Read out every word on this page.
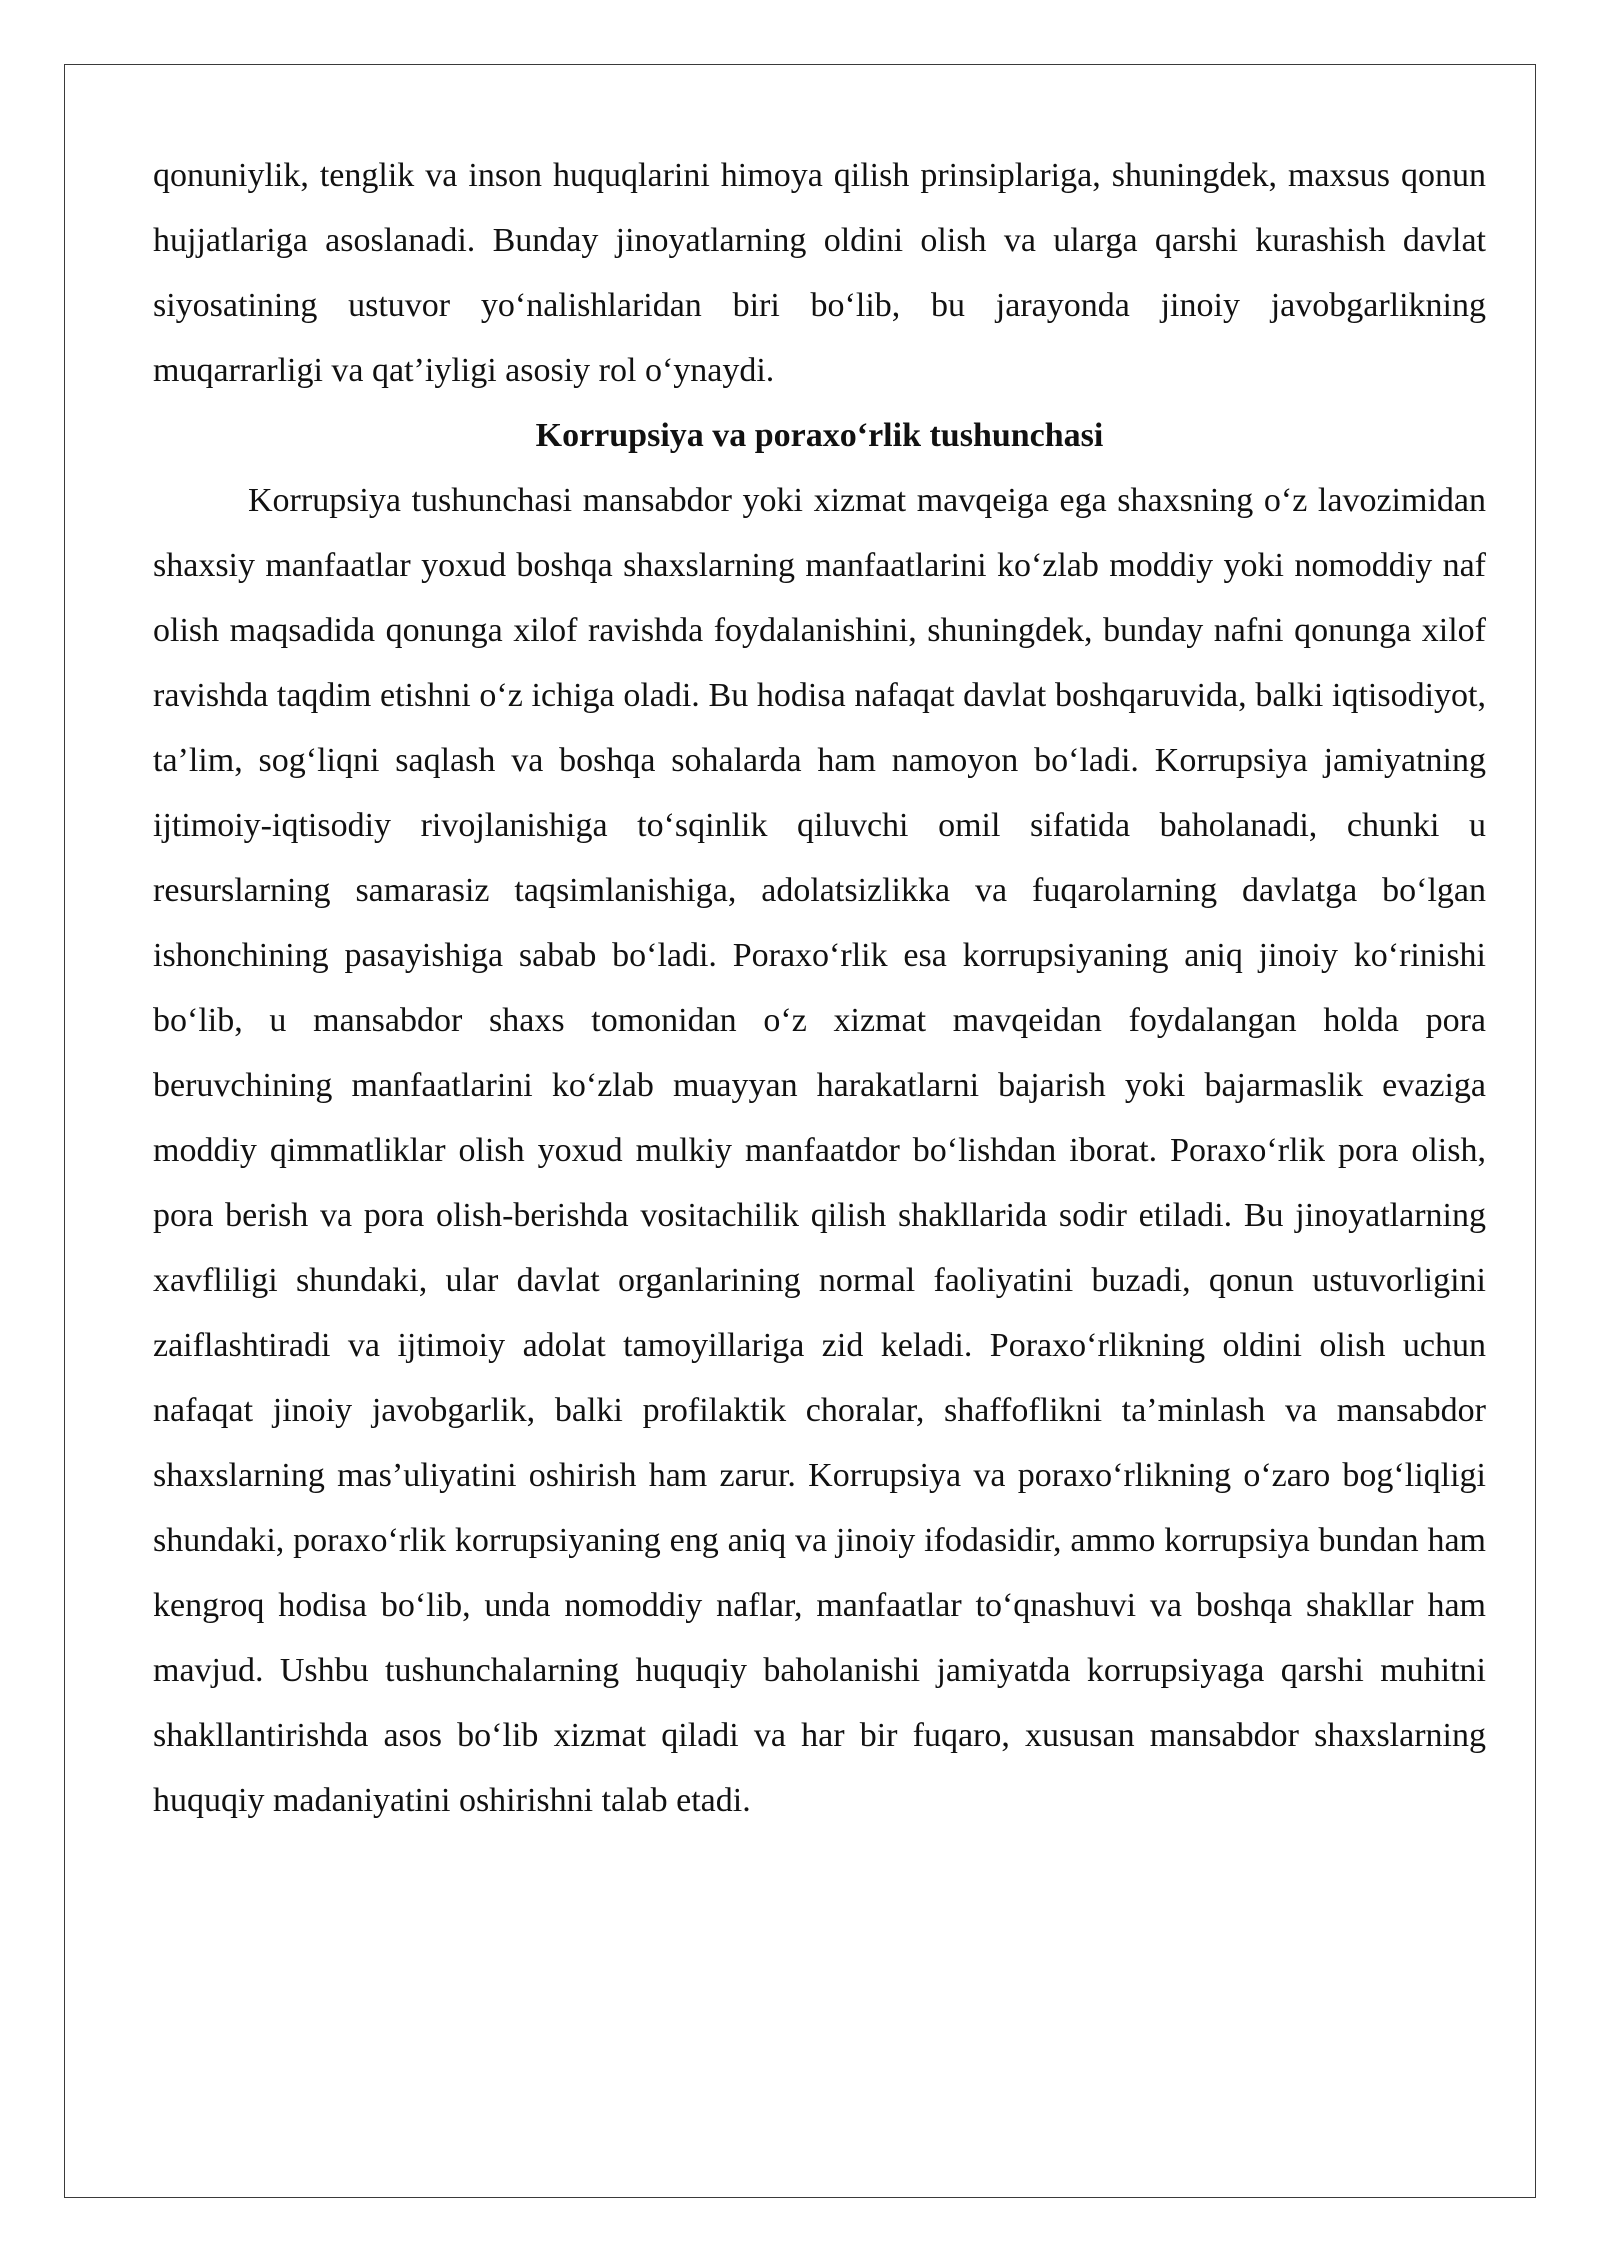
qonuniylik, tenglik va inson huquqlarini himoya qilish prinsiplariga, shuningdek, maxsus qonun hujjatlariga asoslanadi. Bunday jinoyatlarning oldini olish va ularga qarshi kurashish davlat siyosatining ustuvor yo‘nalishlaridan biri bo‘lib, bu jarayonda jinoiy javobgarlikning muqarrarligi va qat’iyligi asosiy rol o‘ynaydi.

Korrupsiya va poraxo‘rlik tushunchasi

Korrupsiya tushunchasi mansabdor yoki xizmat mavqeiga ega shaxsning o‘z lavozimidan shaxsiy manfaatlar yoxud boshqa shaxslarning manfaatlarini ko‘zlab moddiy yoki nomoddiy naf olish maqsadida qonunga xilof ravishda foydalanishini, shuningdek, bunday nafni qonunga xilof ravishda taqdim etishni o‘z ichiga oladi. Bu hodisa nafaqat davlat boshqaruvida, balki iqtisodiyot, ta’lim, sog‘liqni saqlash va boshqa sohalarda ham namoyon bo‘ladi. Korrupsiya jamiyatning ijtimoiy-iqtisodiy rivojlanishiga to‘sqinlik qiluvchi omil sifatida baholanadi, chunki u resurslarning samarasiz taqsimlanishiga, adolatsizlikka va fuqarolarning davlatga bo‘lgan ishonchining pasayishiga sabab bo‘ladi. Poraxo‘rlik esa korrupsiyaning aniq jinoiy ko‘rinishi bo‘lib, u mansabdor shaxs tomonidan o‘z xizmat mavqeidan foydalangan holda pora beruvchining manfaatlarini ko‘zlab muayyan harakatlarni bajarish yoki bajarmaslik evaziga moddiy qimmatliklar olish yoxud mulkiy manfaatdor bo‘lishdan iborat. Poraxo‘rlik pora olish, pora berish va pora olish-berishda vositachilik qilish shakllarida sodir etiladi. Bu jinoyatlarning xavfliligi shundaki, ular davlat organlarining normal faoliyatini buzadi, qonun ustuvorligini zaiflashtiradi va ijtimoiy adolat tamoyillariga zid keladi. Poraxo‘rlikning oldini olish uchun nafaqat jinoiy javobgarlik, balki profilaktik choralar, shaffoflikni ta’minlash va mansabdor shaxslarning mas’uliyatini oshirish ham zarur. Korrupsiya va poraxo‘rlikning o‘zaro bog‘liqligi shundaki, poraxo‘rlik korrupsiyaning eng aniq va jinoiy ifodasidir, ammo korrupsiya bundan ham kengroq hodisa bo‘lib, unda nomoddiy naflar, manfaatlar to‘qnashuvi va boshqa shakllar ham mavjud. Ushbu tushunchalarning huquqiy baholanishi jamiyatda korrupsiyaga qarshi muhitni shakllantirishda asos bo‘lib xizmat qiladi va har bir fuqaro, xususan mansabdor shaxslarning huquqiy madaniyatini oshirishni talab etadi.
